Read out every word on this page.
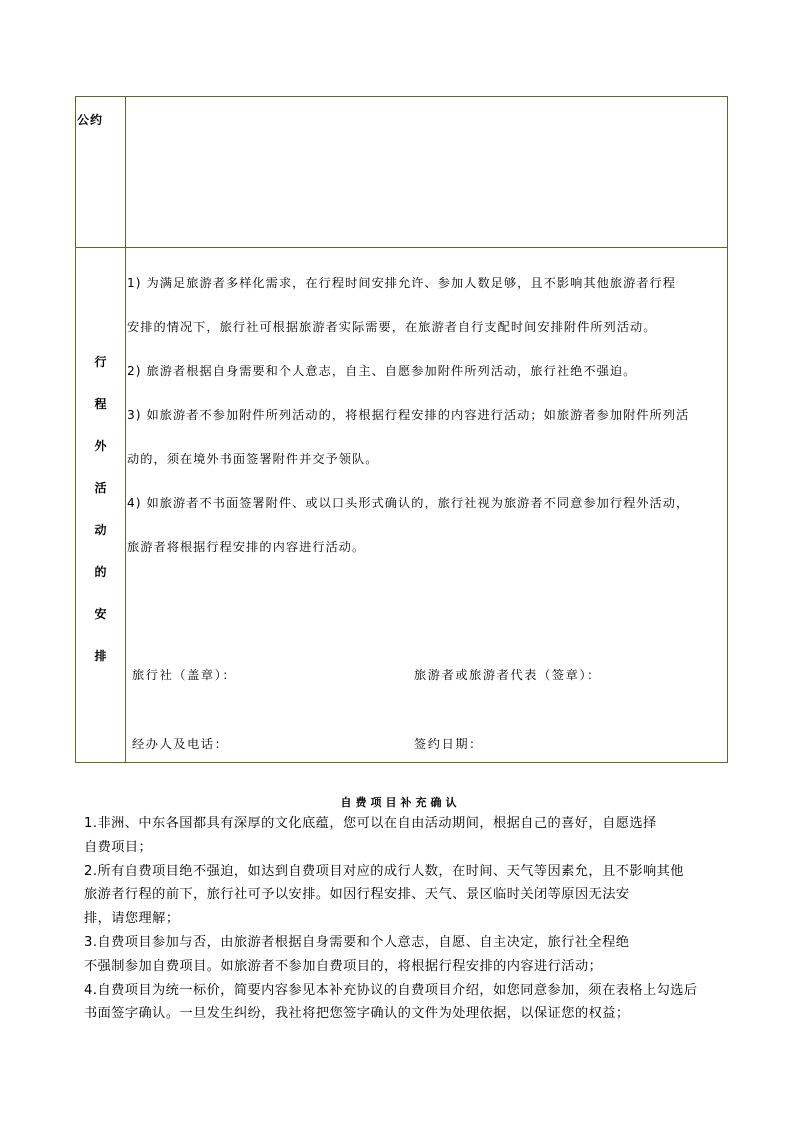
公约
行
程
外
活
动
的
安
排

1) 为满足旅游者多样化需求，在行程时间安排允许、参加人数足够，且不影响其他旅游者行程

安排的情况下，旅行社可根据旅游者实际需要，在旅游者自行支配时间安排附件所列活动。

2) 旅游者根据自身需要和个人意志，自主、自愿参加附件所列活动，旅行社绝不强迫。

3) 如旅游者不参加附件所列活动的，将根据行程安排的内容进行活动；如旅游者参加附件所列活

动的，须在境外书面签署附件并交予领队。

4) 如旅游者不书面签署附件、或以口头形式确认的，旅行社视为旅游者不同意参加行程外活动，

旅游者将根据行程安排的内容进行活动。

旅行社（盖章）：	旅游者或旅游者代表（签章）：
经办人及电话：	签约日期：
自费项目补充确认
1.非洲、中东各国都具有深厚的文化底蕴，您可以在自由活动期间，根据自己的喜好，自愿选择
自费项目；
2.所有自费项目绝不强迫，如达到自费项目对应的成行人数，在时间、天气等因素允，且不影响其他
旅游者行程的前下，旅行社可予以安排。如因行程安排、天气、景区临时关闭等原因无法安
排，请您理解；
3.自费项目参加与否，由旅游者根据自身需要和个人意志，自愿、自主决定，旅行社全程绝
不强制参加自费项目。如旅游者不参加自费项目的，将根据行程安排的内容进行活动；
4.自费项目为统一标价，简要内容参见本补充协议的自费项目介绍，如您同意参加，须在表格上勾选后
书面签字确认。一旦发生纠纷，我社将把您签字确认的文件为处理依据，以保证您的权益；
